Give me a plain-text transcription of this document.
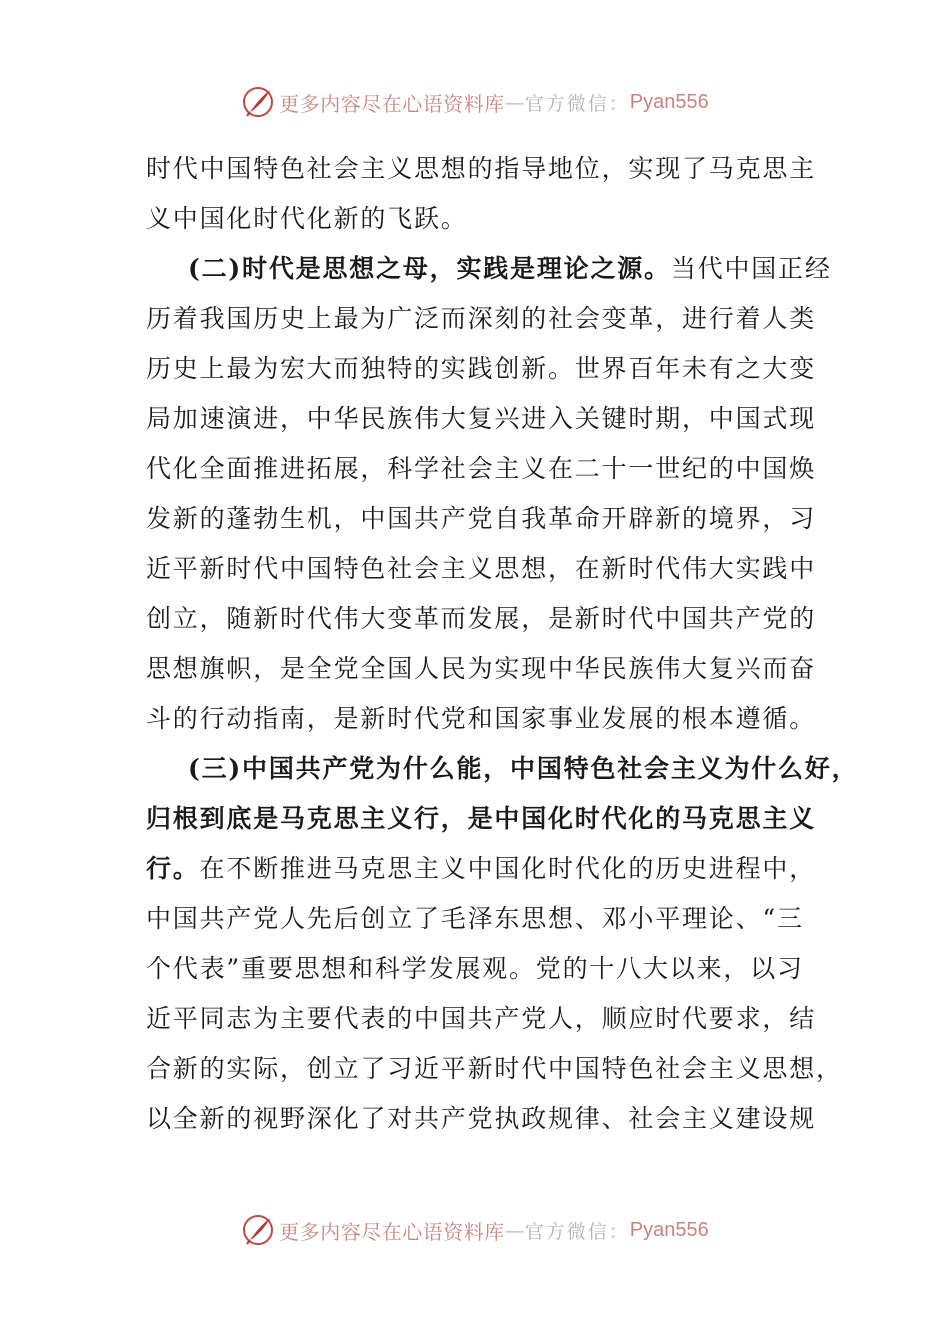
更多内容尽在心语资料库 — 官方微信： Pyan556
时代中国特色社会主义思想的指导地位，实现了马克思主
义中国化时代化新的飞跃。
(二)时代是思想之母，实践是理论之源。当代中国正经
历着我国历史上最为广泛而深刻的社会变革，进行着人类
历史上最为宏大而独特的实践创新。世界百年未有之大变
局加速演进，中华民族伟大复兴进入关键时期，中国式现
代化全面推进拓展，科学社会主义在二十一世纪的中国焕
发新的蓬勃生机，中国共产党自我革命开辟新的境界，习
近平新时代中国特色社会主义思想，在新时代伟大实践中
创立，随新时代伟大变革而发展，是新时代中国共产党的
思想旗帜，是全党全国人民为实现中华民族伟大复兴而奋
斗的行动指南，是新时代党和国家事业发展的根本遵循。
(三)中国共产党为什么能，中国特色社会主义为什么好，
归根到底是马克思主义行，是中国化时代化的马克思主义
行。在不断推进马克思主义中国化时代化的历史进程中，
中国共产党人先后创立了毛泽东思想、邓小平理论、“三
个代表”重要思想和科学发展观。党的十八大以来，以习
近平同志为主要代表的中国共产党人，顺应时代要求，结
合新的实际，创立了习近平新时代中国特色社会主义思想，
以全新的视野深化了对共产党执政规律、社会主义建设规
更多内容尽在心语资料库 — 官方微信： Pyan556
